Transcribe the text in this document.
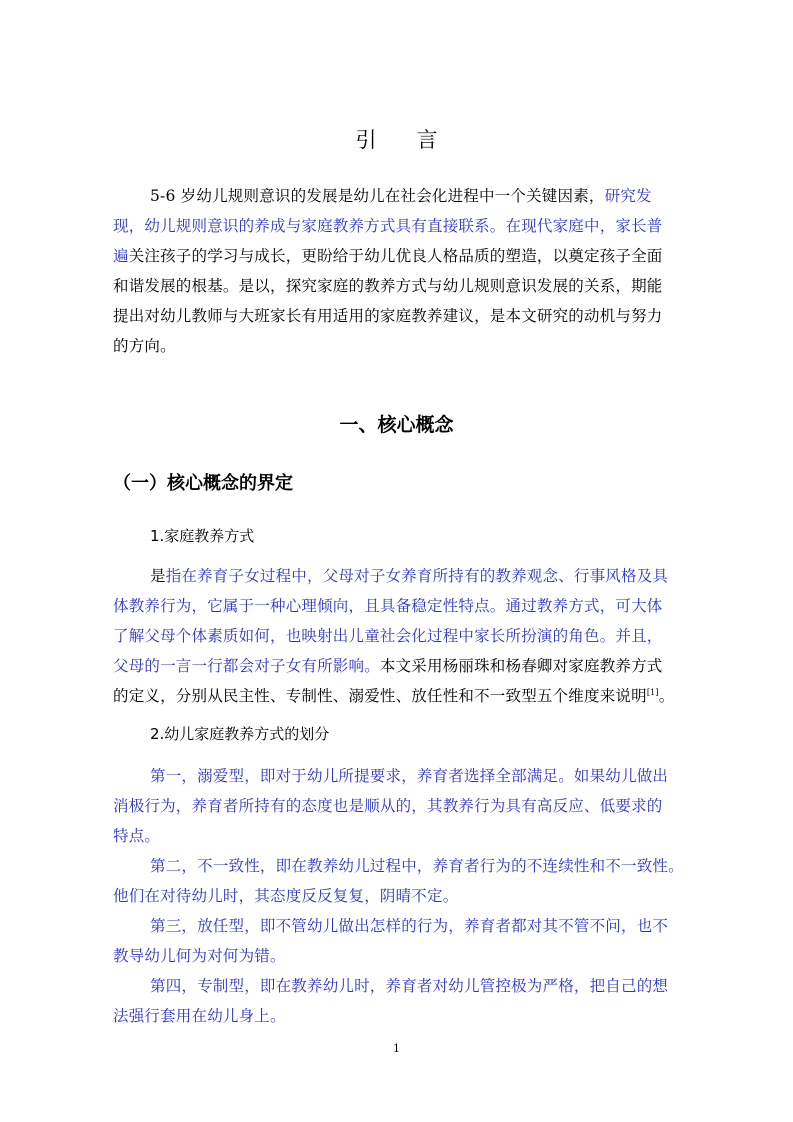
引言
5-6 岁幼儿规则意识的发展是幼儿在社会化进程中一个关键因素，研究发
现，幼儿规则意识的养成与家庭教养方式具有直接联系。在现代家庭中，家长普
遍关注孩子的学习与成长，更盼给于幼儿优良人格品质的塑造，以奠定孩子全面
和谐发展的根基。是以，探究家庭的教养方式与幼儿规则意识发展的关系，期能
提出对幼儿教师与大班家长有用适用的家庭教养建议，是本文研究的动机与努力
的方向。
一、核心概念
（一）核心概念的界定
1.家庭教养方式
是指在养育子女过程中，父母对子女养育所持有的教养观念、行事风格及具
体教养行为，它属于一种心理倾向，且具备稳定性特点。通过教养方式，可大体
了解父母个体素质如何，也映射出儿童社会化过程中家长所扮演的角色。并且，
父母的一言一行都会对子女有所影响。本文采用杨丽珠和杨春卿对家庭教养方式
的定义，分别从民主性、专制性、溺爱性、放任性和不一致型五个维度来说明[1]。
2.幼儿家庭教养方式的划分
第一，溺爱型，即对于幼儿所提要求，养育者选择全部满足。如果幼儿做出
消极行为，养育者所持有的态度也是顺从的，其教养行为具有高反应、低要求的
特点。
第二，不一致性，即在教养幼儿过程中，养育者行为的不连续性和不一致性。
他们在对待幼儿时，其态度反反复复，阴晴不定。
第三，放任型，即不管幼儿做出怎样的行为，养育者都对其不管不问，也不
教导幼儿何为对何为错。
第四，专制型，即在教养幼儿时，养育者对幼儿管控极为严格，把自己的想
法强行套用在幼儿身上。
1
